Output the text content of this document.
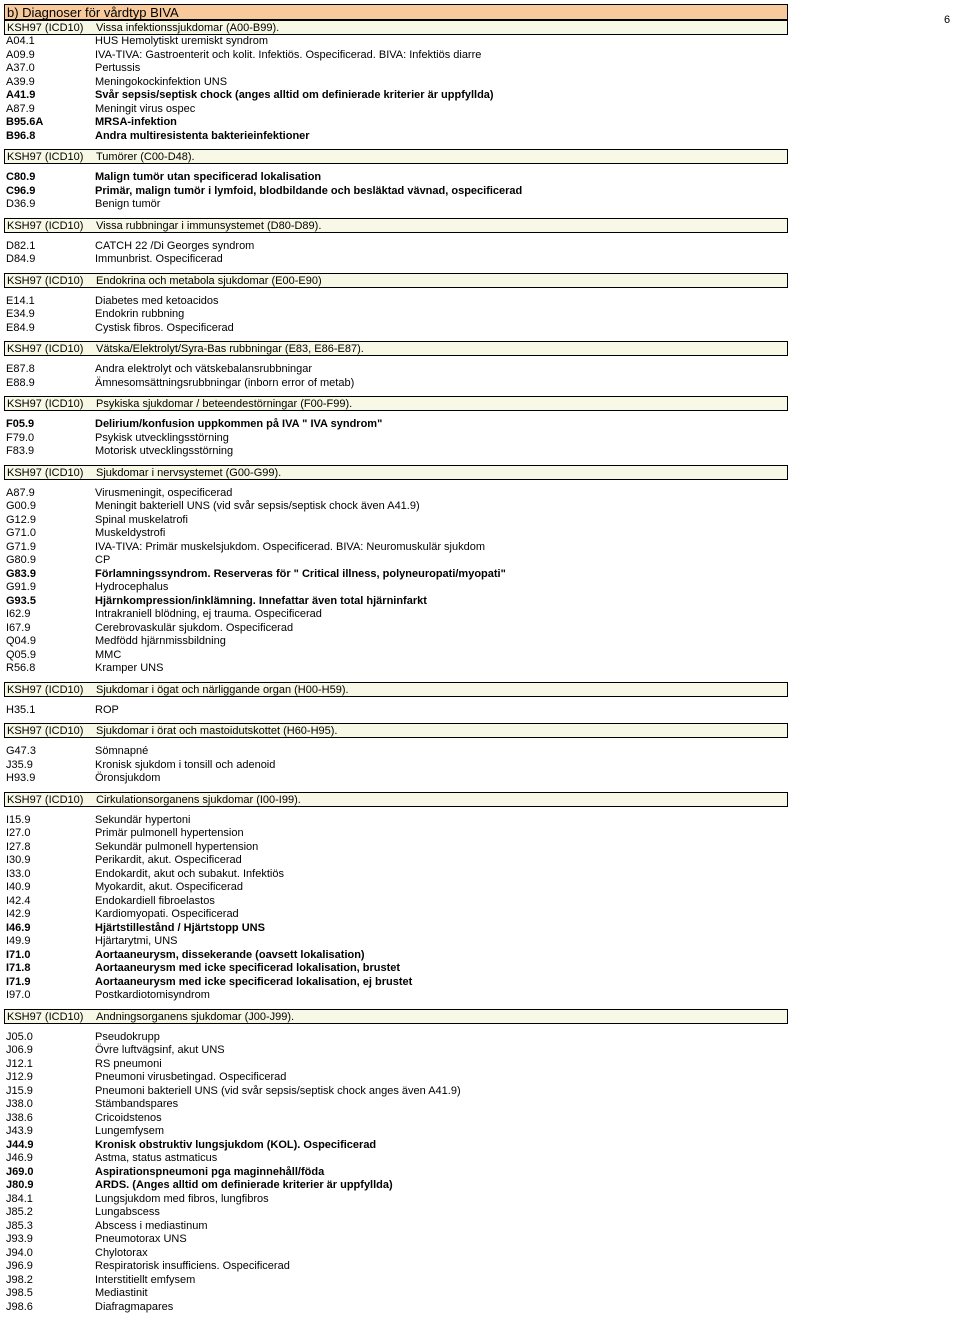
6
b) Diagnoser för vårdtyp BIVA
KSH97 (ICD10)	Vissa infektionssjukdomar (A00-B99).
A04.1	HUS Hemolytiskt uremiskt syndrom
A09.9	IVA-TIVA: Gastroenterit och kolit. Infektiös. Ospecificerad. BIVA: Infektiös diarre
A37.0	Pertussis
A39.9	Meningokockinfektion UNS
A41.9	Svår sepsis/septisk chock (anges alltid om definierade kriterier är uppfyllda)
A87.9	Meningit virus ospec
B95.6A	MRSA-infektion
B96.8	Andra multiresistenta bakterieinfektioner
KSH97 (ICD10)	Tumörer (C00-D48).
C80.9	Malign tumör utan specificerad lokalisation
C96.9	Primär, malign tumör i lymfoid, blodbildande och besläktad vävnad, ospecificerad
D36.9	Benign tumör
KSH97 (ICD10)	Vissa rubbningar i immunsystemet (D80-D89).
D82.1	CATCH 22 /Di Georges syndrom
D84.9	Immunbrist. Ospecificerad
KSH97 (ICD10)	Endokrina och metabola sjukdomar (E00-E90)
E14.1	Diabetes med ketoacidos
E34.9	Endokrin rubbning
E84.9	Cystisk fibros. Ospecificerad
KSH97 (ICD10)	Vätska/Elektrolyt/Syra-Bas rubbningar (E83, E86-E87).
E87.8	Andra elektrolyt och vätskebalansrubbningar
E88.9	Ämnesomsättningsrubbningar (inborn error of metab)
KSH97 (ICD10)	Psykiska sjukdomar / beteendestörningar (F00-F99).
F05.9	Delirium/konfusion uppkommen på IVA " IVA syndrom"
F79.0	Psykisk utvecklingsstörning
F83.9	Motorisk utvecklingsstörning
KSH97 (ICD10)	Sjukdomar i nervsystemet (G00-G99).
A87.9	Virusmeningit, ospecificerad
G00.9	Meningit bakteriell UNS (vid svår sepsis/septisk chock även A41.9)
G12.9	Spinal muskelatrofi
G71.0	Muskeldystrofi
G71.9	IVA-TIVA: Primär muskelsjukdom. Ospecificerad. BIVA: Neuromuskulär sjukdom
G80.9	CP
G83.9	Förlamningssyndrom. Reserveras för " Critical illness, polyneuropati/myopati"
G91.9	Hydrocephalus
G93.5	Hjärnkompression/inklämning. Innefattar även total hjärninfarkt
I62.9	Intrakraniell blödning, ej trauma. Ospecificerad
I67.9	Cerebrovaskulär sjukdom. Ospecificerad
Q04.9	Medfödd hjärnmissbildning
Q05.9	MMC
R56.8	Kramper UNS
KSH97 (ICD10)	Sjukdomar i ögat och närliggande organ (H00-H59).
H35.1	ROP
KSH97 (ICD10)	Sjukdomar i örat och mastoidutskottet (H60-H95).
G47.3	Sömnapné
J35.9	Kronisk sjukdom i tonsill och adenoid
H93.9	Öronsjukdom
KSH97 (ICD10)	Cirkulationsorganens sjukdomar (I00-I99).
I15.9	Sekundär hypertoni
I27.0	Primär pulmonell hypertension
I27.8	Sekundär pulmonell hypertension
I30.9	Perikardit, akut. Ospecificerad
I33.0	Endokardit, akut och subakut. Infektiös
I40.9	Myokardit, akut. Ospecificerad
I42.4	Endokardiell fibroelastos
I42.9	Kardiomyopati. Ospecificerad
I46.9	Hjärtstillestånd / Hjärtstopp UNS
I49.9	Hjärtarytmi, UNS
I71.0	Aortaaneurysm, dissekerande (oavsett lokalisation)
I71.8	Aortaaneurysm med icke specificerad lokalisation, brustet
I71.9	Aortaaneurysm med icke specificerad lokalisation, ej brustet
I97.0	Postkardiotomisyndrom
KSH97 (ICD10)	Andningsorganens sjukdomar (J00-J99).
J05.0	Pseudokrupp
J06.9	Övre luftvägsinf, akut UNS
J12.1	RS pneumoni
J12.9	Pneumoni virusbetingad. Ospecificerad
J15.9	Pneumoni bakteriell UNS (vid svår sepsis/septisk chock anges även A41.9)
J38.0	Stämbandspares
J38.6	Cricoidstenos
J43.9	Lungemfysem
J44.9	Kronisk obstruktiv lungsjukdom (KOL). Ospecificerad
J46.9	Astma, status astmaticus
J69.0	Aspirationspneumoni pga maginnehåll/föda
J80.9	ARDS. (Anges alltid om definierade kriterier är uppfyllda)
J84.1	Lungsjukdom med fibros, lungfibros
J85.2	Lungabscess
J85.3	Abscess i mediastinum
J93.9	Pneumotorax UNS
J94.0	Chylotorax
J96.9	Respiratorisk insufficiens. Ospecificerad
J98.2	Interstitiellt emfysem
J98.5	Mediastinit
J98.6	Diafragmapares
